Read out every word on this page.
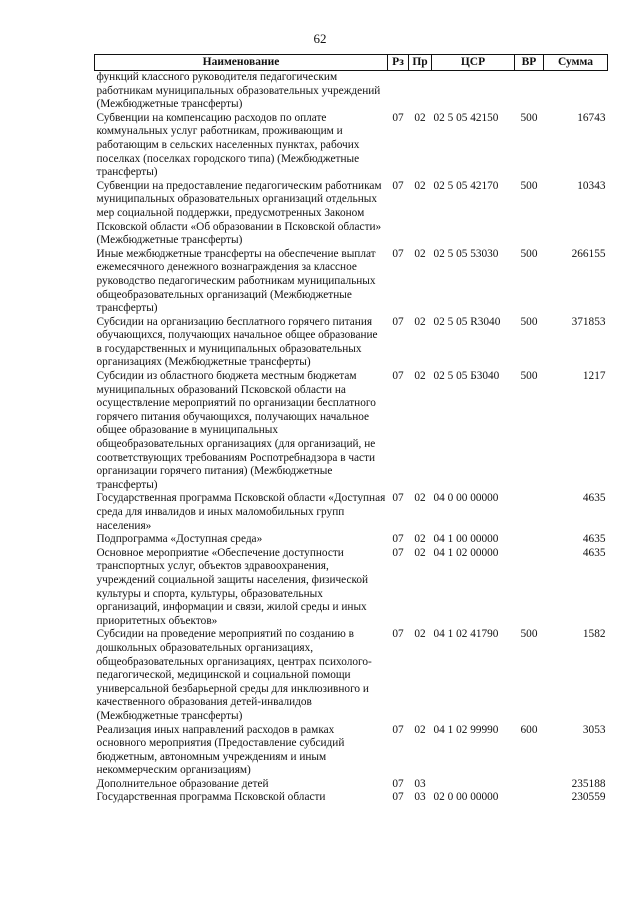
62
Наименование	Рз	Пр	ЦСР	ВР	Сумма
функций классного руководителя педагогическим работникам муниципальных образовательных учреждений (Межбюджетные трансферты)					
Субвенции на компенсацию расходов по оплате коммунальных услуг работникам, проживающим и работающим в сельских населенных пунктах, рабочих поселках (поселках городского типа) (Межбюджетные трансферты)	07	02	02 5 05 42150	500	16743
Субвенции на предоставление педагогическим работникам муниципальных образовательных организаций отдельных мер социальной поддержки, предусмотренных Законом Псковской области «Об образовании в Псковской области» (Межбюджетные трансферты)	07	02	02 5 05 42170	500	10343
Иные межбюджетные трансферты на обеспечение выплат ежемесячного денежного вознаграждения за классное руководство педагогическим работникам муниципальных общеобразовательных организаций (Межбюджетные трансферты)	07	02	02 5 05 53030	500	266155
Субсидии на организацию бесплатного горячего питания обучающихся, получающих начальное общее образование в государственных и муниципальных образовательных организациях (Межбюджетные трансферты)	07	02	02 5 05 R3040	500	371853
Субсидии из областного бюджета местным бюджетам муниципальных образований Псковской области на осуществление мероприятий по организации бесплатного горячего питания обучающихся, получающих начальное общее образование в муниципальных общеобразовательных организациях (для организаций, не соответствующих требованиям Роспотребнадзора в части организации горячего питания) (Межбюджетные трансферты)	07	02	02 5 05 Б3040	500	1217
Государственная программа Псковской области «Доступная среда для инвалидов и иных маломобильных групп населения»	07	02	04 0 00 00000		4635
Подпрограмма «Доступная среда»	07	02	04 1 00 00000		4635
Основное мероприятие «Обеспечение доступности транспортных услуг, объектов здравоохранения, учреждений социальной защиты населения, физической культуры и спорта, культуры, образовательных организаций, информации и связи, жилой среды и иных приоритетных объектов»	07	02	04 1 02 00000		4635
Субсидии на проведение мероприятий по созданию в дошкольных образовательных организациях, общеобразовательных организациях, центрах психолого-педагогической, медицинской и социальной помощи универсальной безбарьерной среды для инклюзивного и качественного образования детей-инвалидов (Межбюджетные трансферты)	07	02	04 1 02 41790	500	1582
Реализация иных направлений расходов в рамках основного мероприятия (Предоставление субсидий бюджетным, автономным учреждениям и иным некоммерческим организациям)	07	02	04 1 02 99990	600	3053
Дополнительное образование детей	07	03			235188
Государственная программа Псковской области	07	03	02 0 00 00000		230559
